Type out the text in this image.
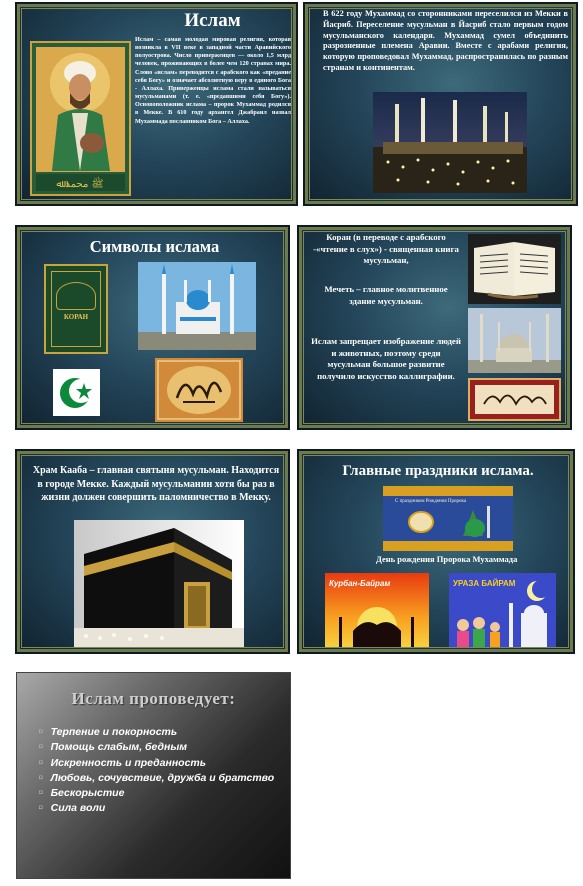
Ислам
ﷺ ﻣﺤﻤﺪ ﷲ
Ислам – самая молодая мировая религия, которая возникла в VII веке в западной части Аравийского полуострова. Число приверженцев — около 1,5 млрд человек, проживающих в более чем 120 странах мира. Слово «ислам» переводится с арабского как «предание себя Богу» и означает абсолютную веру в единого Бога - Аллаха. Приверженцы ислама стали называться мусульманами (т. е. «предавшими себя Богу»). Основоположник ислама – пророк Мухаммад родился в Мекке. В 610 году архангел Джабраил назвал Мухаммада посланником Бога – Аллаха.
В 622 году Мухаммад со сторонниками переселился из Мекки в Йасриб. Переселение мусульман в Йасриб стало первым годом мусульманского календаря. Мухаммад сумел объединить разрозненные племена Аравии. Вместе с арабами религия, которую проповедовал Мухаммад, распространилась по разным странам и континентам.
Символы ислама
КОРАН
Коран (в переводе с арабского -«чтение в слух») - священная книга мусульман,
Мечеть – главное молитвенное здание мусульман.
Ислам запрещает изображение людей и животных, поэтому среди мусульман большое развитие получило искусство каллиграфии.
Храм Кааба – главная святыня мусульман. Находится в городе Мекке. Каждый мусульманин хотя бы раз в жизни должен совершить паломничество в Мекку.
Главные праздники ислама.
С праздником Рождения Пророка
День рождения Пророка Мухаммада
Курбан-Байрам	УРАЗА БАЙРАМ
Ислам проповедует:
◘ Терпение и покорность
◘ Помощь слабым, бедным
◘ Искренность и преданность
◘ Любовь, сочувствие, дружба и братство
◘ Бескорыстие
◘ Сила воли
